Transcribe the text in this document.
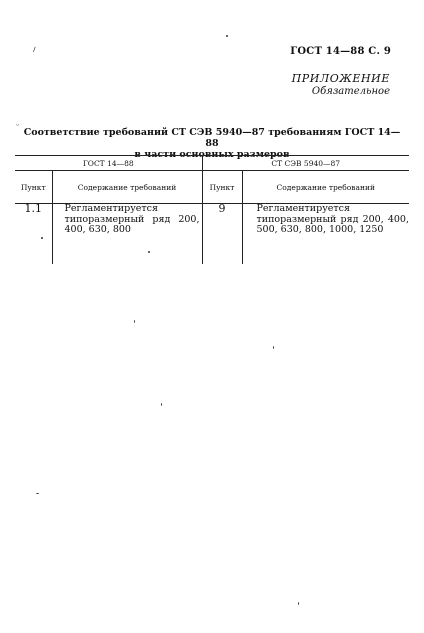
ГОСТ 14—88 С. 9
ПРИЛОЖЕНИЕ
Обязательное
Соответствие требований СТ СЭВ 5940—87 требованиям ГОСТ 14—88
в части основных размеров

ГОСТ 14—88		СТ СЭВ 5940—87	
Пункт	Содержание требований	Пункт	Содержание требований
1.1	Регламентируется типоразмерный ряд 200, 400, 630, 800	9	Регламентируется типоразмерный ряд 200, 400, 500, 630, 800, 1000, 1250
⸝
ᵕ
